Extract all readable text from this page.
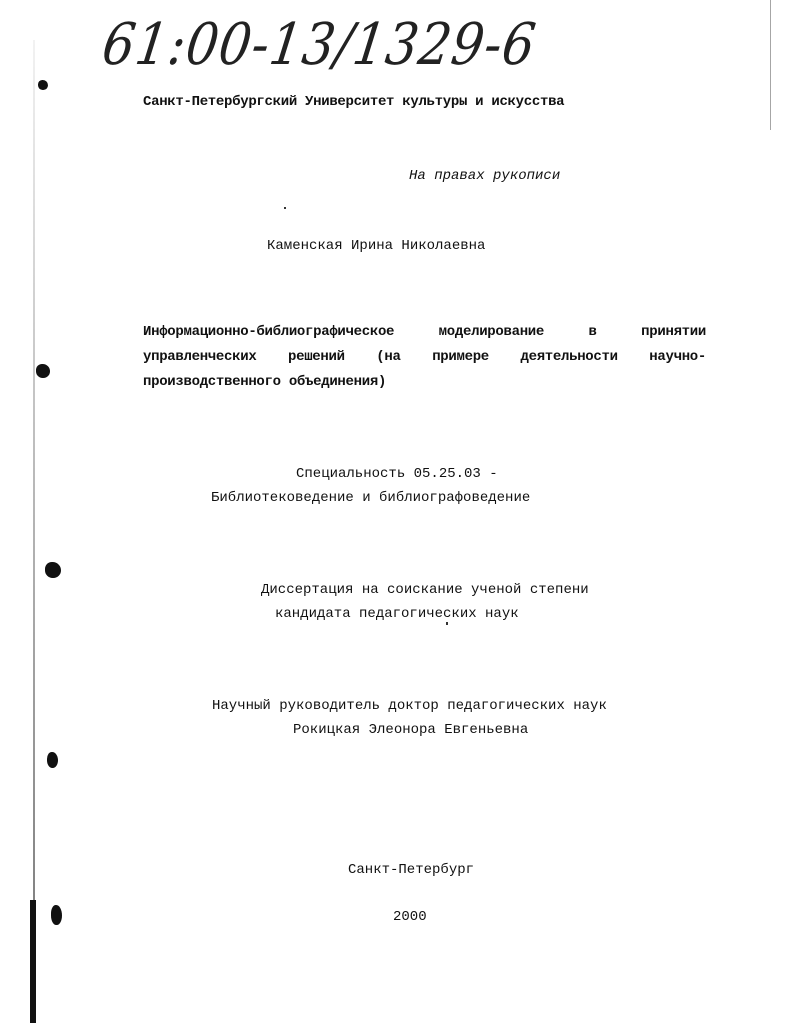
61:00-13/1329-6
Санкт-Петербургский Университет культуры и искусства
На правах рукописи
Каменская Ирина Николаевна
Информационно-библиографическое моделирование в принятии
управленческих решений (на примере деятельности научно-
производственного объединения)
Специальность 05.25.03 -
Библиотековедение и библиографоведение
Диссертация на соискание ученой степени
кандидата педагогических наук
Научный руководитель доктор педагогических наук
Рокицкая Элеонора Евгеньевна
Санкт-Петербург
2000
